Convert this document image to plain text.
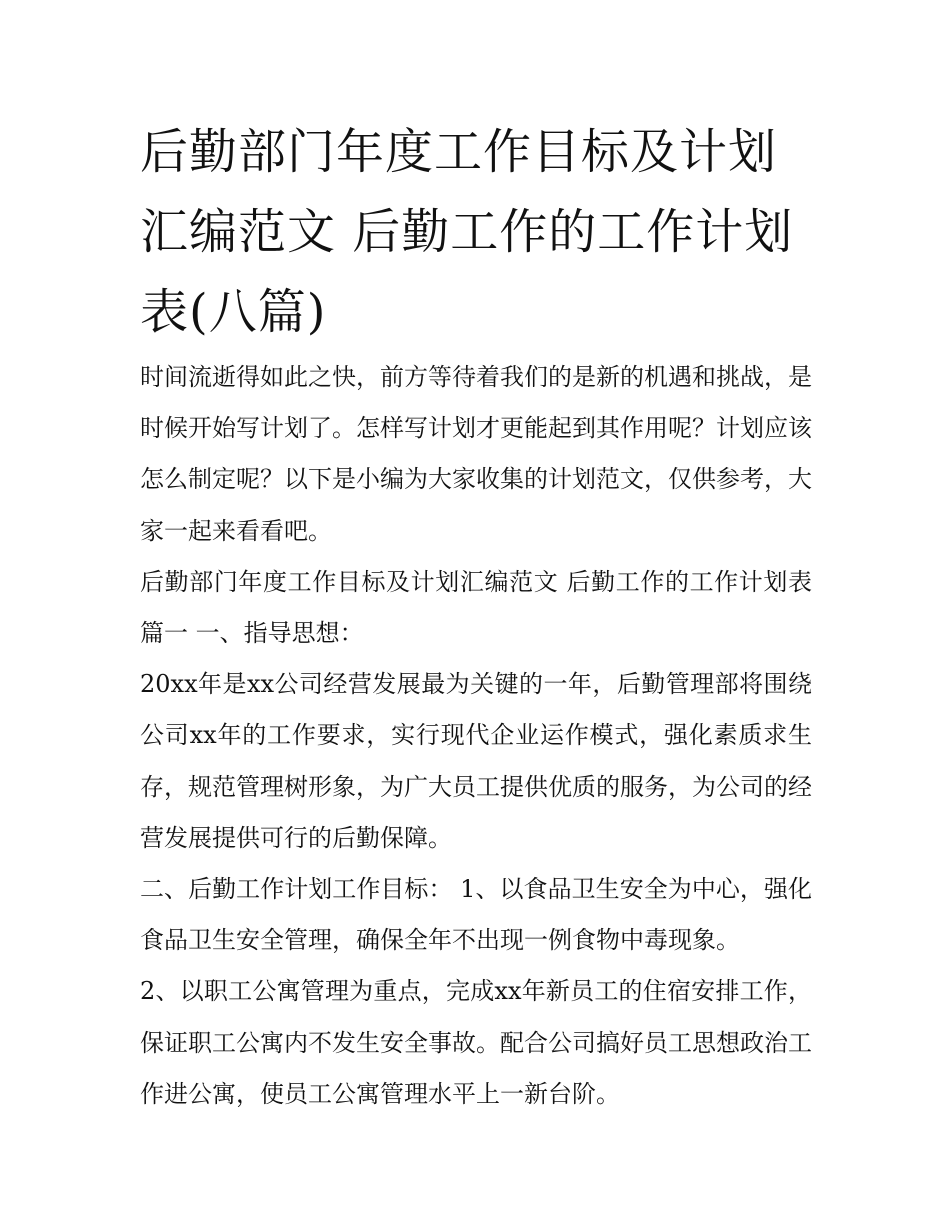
后勤部门年度工作目标及计划汇编范文 后勤工作的工作计划表(八篇)

时间流逝得如此之快，前方等待着我们的是新的机遇和挑战，是时候开始写计划了。怎样写计划才更能起到其作用呢？计划应该怎么制定呢？以下是小编为大家收集的计划范文，仅供参考，大家一起来看看吧。

后勤部门年度工作目标及计划汇编范文 后勤工作的工作计划表篇一 一、指导思想：

20xx年是xx公司经营发展最为关键的一年，后勤管理部将围绕公司xx年的工作要求，实行现代企业运作模式，强化素质求生存，规范管理树形象，为广大员工提供优质的服务，为公司的经营发展提供可行的后勤保障。

二、后勤工作计划工作目标： 1、以食品卫生安全为中心，强化食品卫生安全管理，确保全年不出现一例食物中毒现象。

2、以职工公寓管理为重点，完成xx年新员工的住宿安排工作，保证职工公寓内不发生安全事故。配合公司搞好员工思想政治工作进公寓，使员工公寓管理水平上一新台阶。
